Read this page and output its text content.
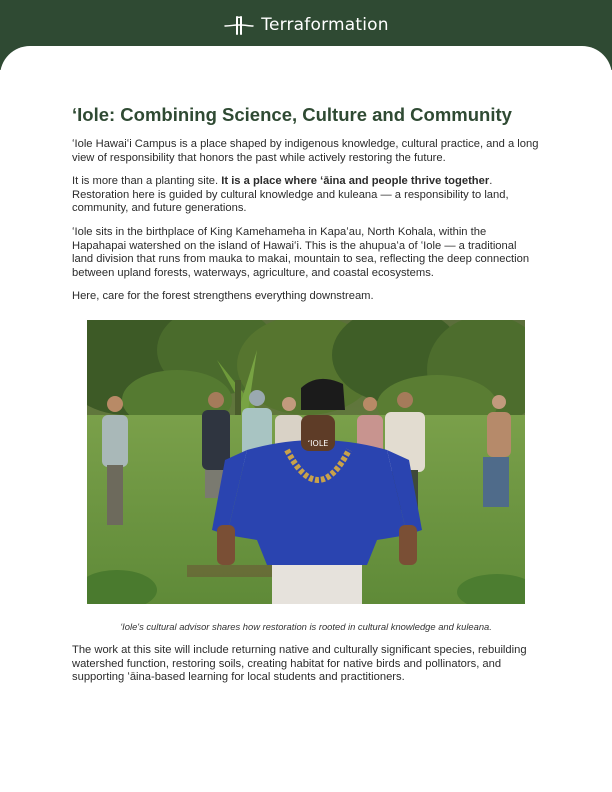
Terraformation
ʻIole: Combining Science, Culture and Community

ʻIole Hawaiʻi Campus is a place shaped by indigenous knowledge, cultural practice, and a long view of responsibility that honors the past while actively restoring the future.

It is more than a planting site. It is a place where ʻāina and people thrive together. Restoration here is guided by cultural knowledge and kuleana — a responsibility to land, community, and future generations.

ʻIole sits in the birthplace of King Kamehameha in Kapaʻau, North Kohala, within the Hapahapai watershed on the island of Hawaiʻi. This is the ahupuaʻa of ʻIole — a traditional land division that runs from mauka to makai, mountain to sea, reflecting the deep connection between upland forests, waterways, agriculture, and coastal ecosystems.

Here, care for the forest strengthens everything downstream.

ʻIOLE
ʻIole's cultural advisor shares how restoration is rooted in cultural knowledge and kuleana.

The work at this site will include returning native and culturally significant species, rebuilding watershed function, restoring soils, creating habitat for native birds and pollinators, and supporting ʻāina-based learning for local students and practitioners.
